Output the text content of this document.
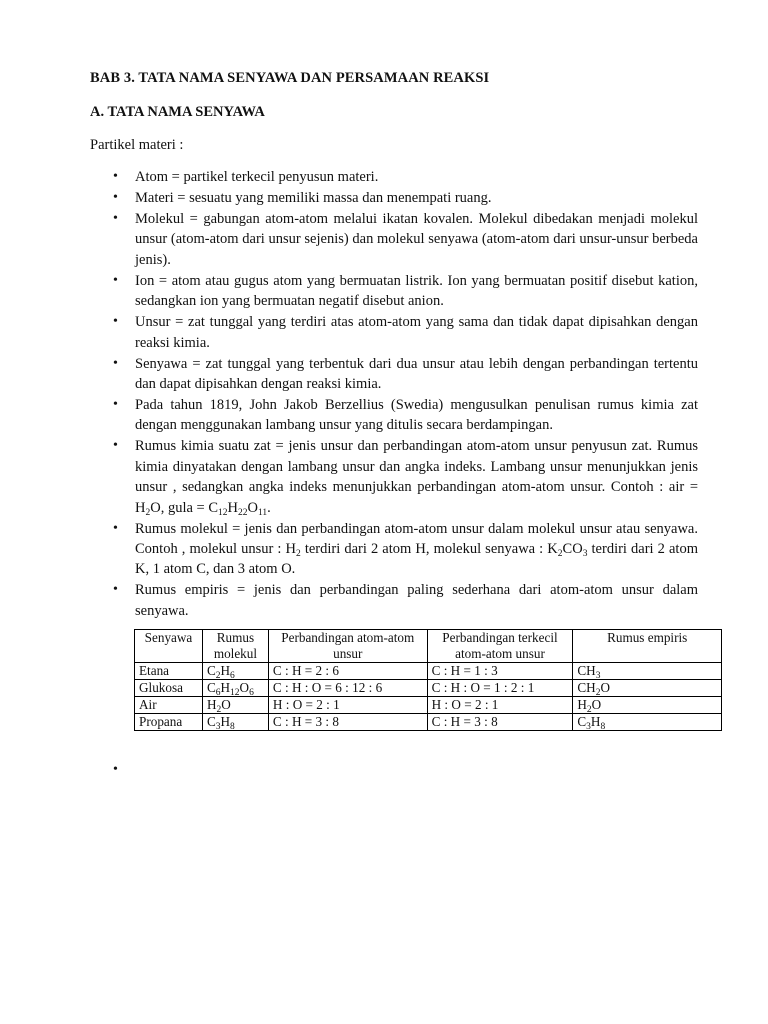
BAB 3. TATA NAMA SENYAWA DAN PERSAMAAN REAKSI
A. TATA NAMA SENYAWA
Partikel materi :
• Atom = partikel terkecil penyusun materi.
• Materi = sesuatu yang memiliki massa dan menempati ruang.
• Molekul = gabungan atom-atom melalui ikatan kovalen. Molekul dibedakan menjadi molekul unsur (atom-atom dari unsur sejenis) dan molekul senyawa (atom-atom dari unsur-unsur berbeda jenis).
• Ion = atom atau gugus atom yang bermuatan listrik. Ion yang bermuatan positif disebut kation, sedangkan ion yang bermuatan negatif disebut anion.
• Unsur = zat tunggal yang terdiri atas atom-atom yang sama dan tidak dapat dipisahkan dengan reaksi kimia.
• Senyawa = zat tunggal yang terbentuk dari dua unsur atau lebih dengan perbandingan tertentu dan dapat dipisahkan dengan reaksi kimia.
• Pada tahun 1819, John Jakob Berzellius (Swedia) mengusulkan penulisan rumus kimia zat dengan menggunakan lambang unsur yang ditulis secara berdampingan.
• Rumus kimia suatu zat = jenis unsur dan perbandingan atom-atom unsur penyusun zat. Rumus kimia dinyatakan dengan lambang unsur dan angka indeks. Lambang unsur menunjukkan jenis unsur , sedangkan angka indeks menunjukkan perbandingan atom-atom unsur. Contoh : air = $H_2O$, gula = $C_{12}H_{22}O_{11}$.
• Rumus molekul = jenis dan perbandingan atom-atom unsur dalam molekul unsur atau senyawa. Contoh , molekul unsur : $H_2$ terdiri dari 2 atom H, molekul senyawa : $K_2CO_3$ terdiri dari 2 atom K, 1 atom C, dan 3 atom O.
• Rumus empiris = jenis dan perbandingan paling sederhana dari atom-atom unsur dalam senyawa.
Senyawa	Rumus molekul	Perbandingan atom-atom unsur	Perbandingan terkecil atom-atom unsur	Rumus empiris
Etana	$C_2H_6$	C : H = 2 : 6	C : H = 1 : 3	$CH_3$
Glukosa	$C_6H_{12}O_6$	C : H : O = 6 : 12 : 6	C : H : O = 1 : 2 : 1	$CH_2O$
Air	$H_2O$	H : O = 2 : 1	H : O = 2 : 1	$H_2O$
Propana	$C_3H_8$	C : H = 3 : 8	C : H = 3 : 8	$C_3H_8$
•
